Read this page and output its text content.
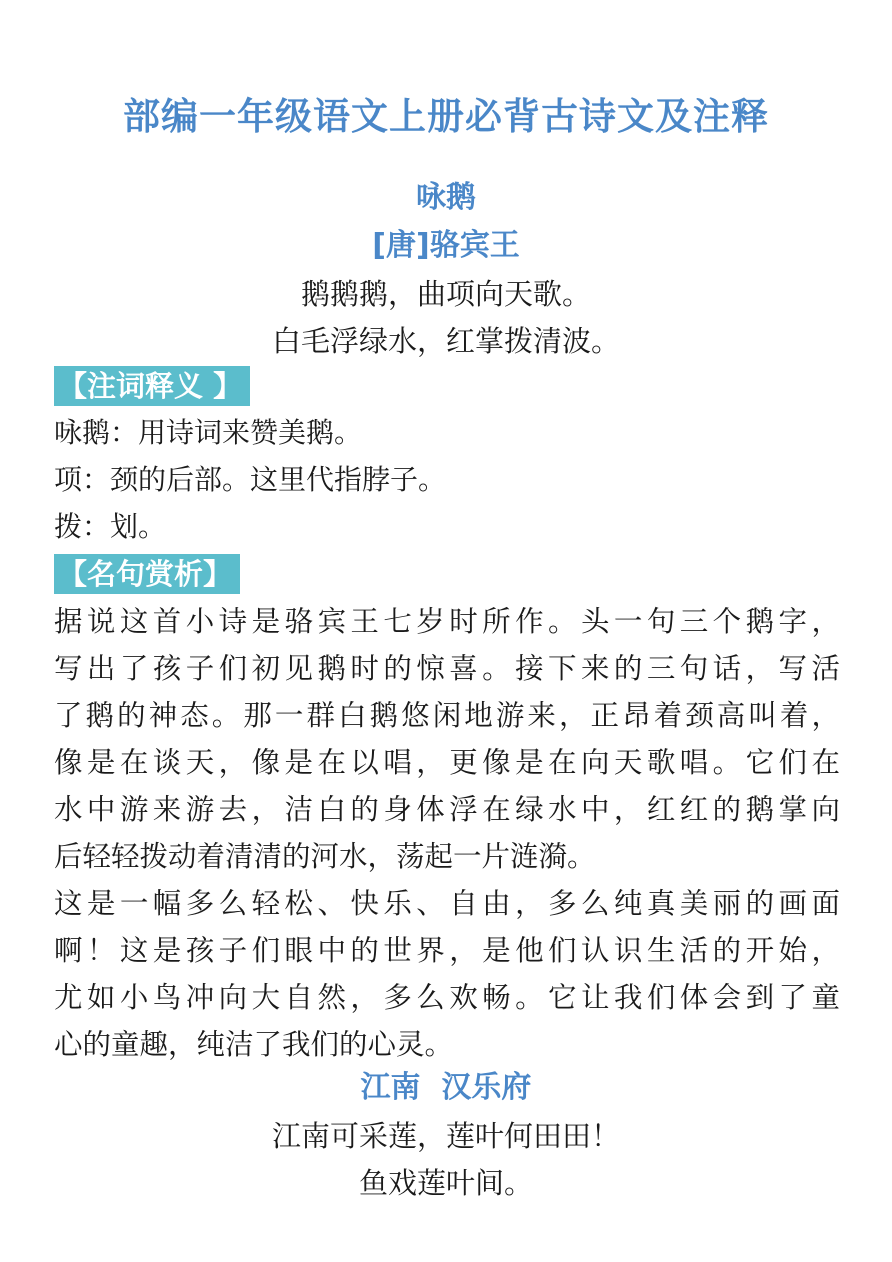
部编一年级语文上册必背古诗文及注释
咏鹅
[唐]骆宾王
鹅鹅鹅，曲项向天歌。
白毛浮绿水，红掌拨清波。
【注词释义 】
咏鹅：用诗词来赞美鹅。
项：颈的后部。这里代指脖子。
拨：划。
【名句赏析】
据说这首小诗是骆宾王七岁时所作。头一句三个鹅字，
写出了孩子们初见鹅时的惊喜。接下来的三句话，写活
了鹅的神态。那一群白鹅悠闲地游来，正昂着颈高叫着，
像是在谈天，像是在以唱，更像是在向天歌唱。它们在
水中游来游去，洁白的身体浮在绿水中，红红的鹅掌向
后轻轻拨动着清清的河水，荡起一片涟漪。
这是一幅多么轻松、快乐、自由，多么纯真美丽的画面
啊！这是孩子们眼中的世界，是他们认识生活的开始，
尤如小鸟冲向大自然，多么欢畅。它让我们体会到了童
心的童趣，纯洁了我们的心灵。
江南  汉乐府
江南可采莲，莲叶何田田！
鱼戏莲叶间。
